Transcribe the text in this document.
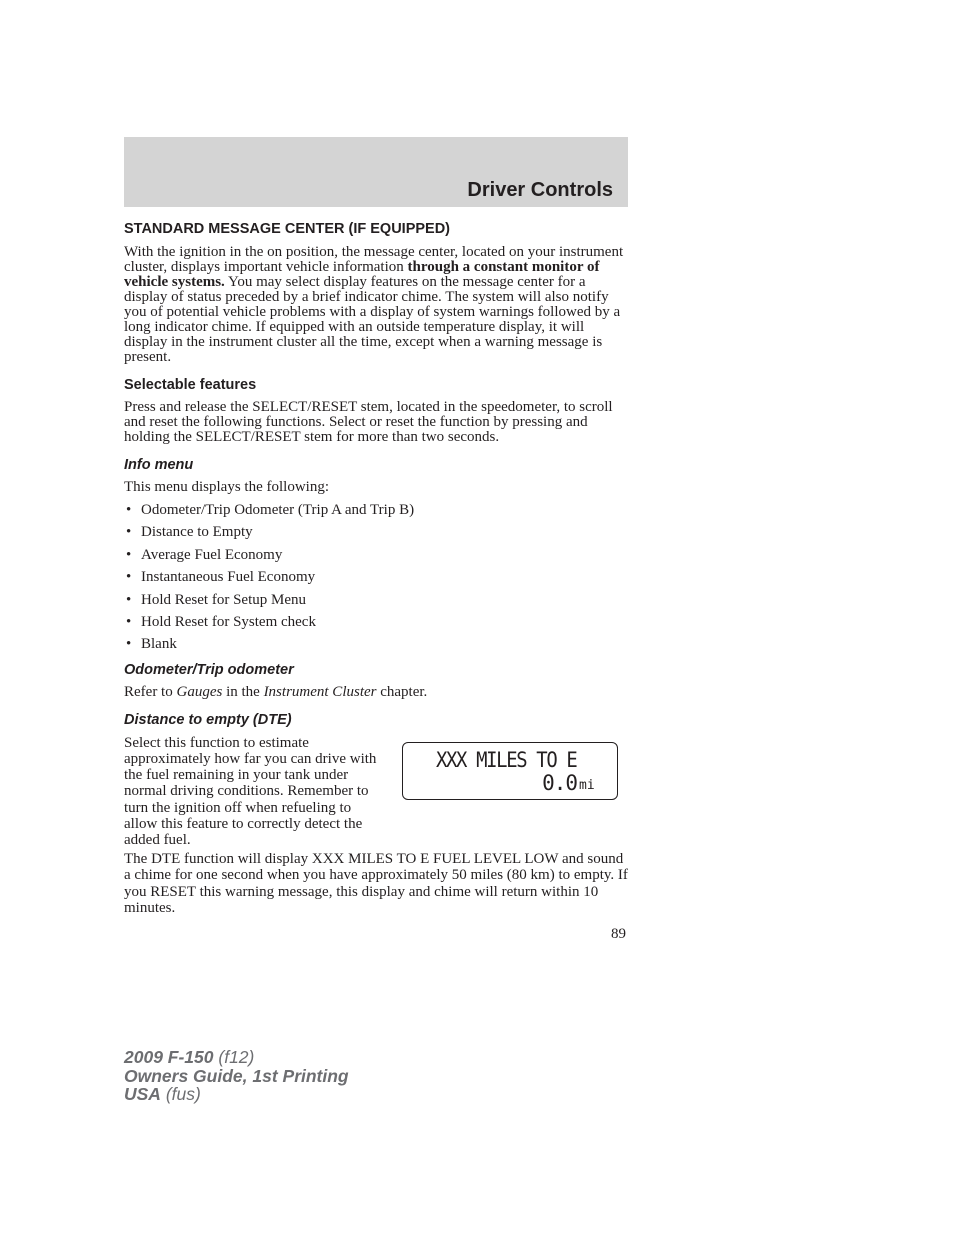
Driver Controls
STANDARD MESSAGE CENTER (IF EQUIPPED)

With the ignition in the on position, the message center, located on your instrument cluster, displays important vehicle information through a constant monitor of vehicle systems. You may select display features on the message center for a display of status preceded by a brief indicator chime. The system will also notify you of potential vehicle problems with a display of system warnings followed by a long indicator chime. If equipped with an outside temperature display, it will display in the instrument cluster all the time, except when a warning message is present.

Selectable features

Press and release the SELECT/RESET stem, located in the speedometer, to scroll and reset the following functions. Select or reset the function by pressing and holding the SELECT/RESET stem for more than two seconds.

Info menu

This menu displays the following:

• Odometer/Trip Odometer (Trip A and Trip B)
• Distance to Empty
• Average Fuel Economy
• Instantaneous Fuel Economy
• Hold Reset for Setup Menu
• Hold Reset for System check
• Blank
Odometer/Trip odometer

Refer to Gauges in the Instrument Cluster chapter.

Distance to empty (DTE)

Select this function to estimate approximately how far you can drive with the fuel remaining in your tank under normal driving conditions. Remember to turn the ignition off when refueling to allow this feature to correctly detect the added fuel.

XXX MILES TO E
0.0 mi

The DTE function will display XXX MILES TO E FUEL LEVEL LOW and sound a chime for one second when you have approximately 50 miles (80 km) to empty. If you RESET this warning message, this display and chime will return within 10 minutes.

89
2009 F-150 (f12)
Owners Guide, 1st Printing
USA (fus)
